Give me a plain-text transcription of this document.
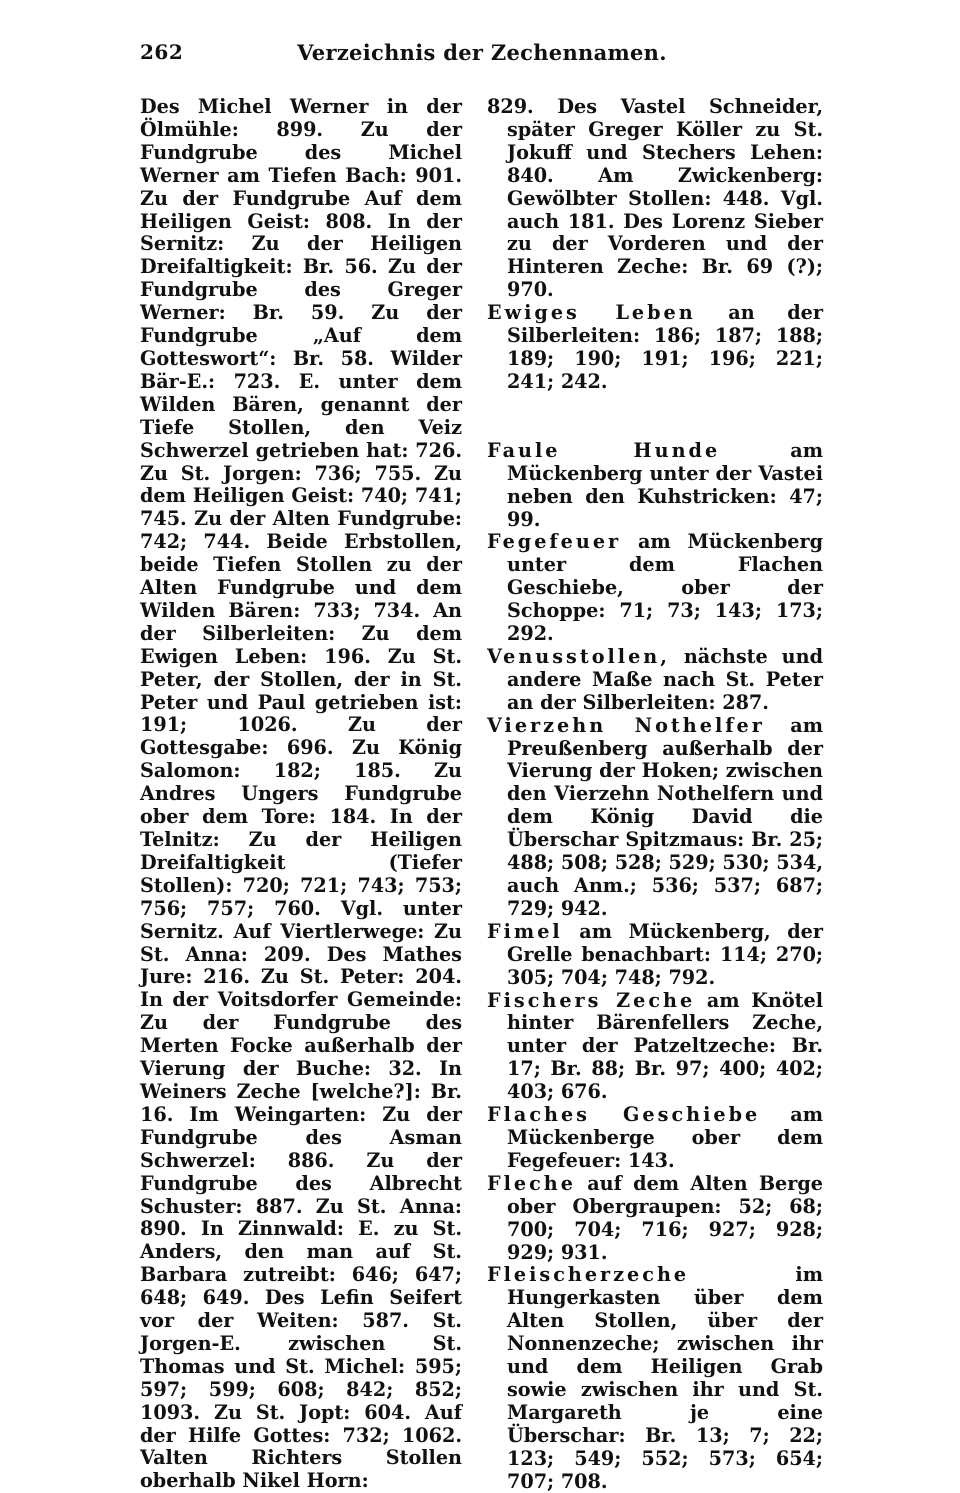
262	Verzeichnis der Zechennamen.

Des Michel Werner in der Ölmühle: 899. Zu der Fundgrube des Michel Werner am Tiefen Bach: 901. Zu der Fundgrube Auf dem Heiligen Geist: 808. In der Sernitz: Zu der Heiligen Dreifaltigkeit: Br. 56. Zu der Fundgrube des Greger Werner: Br. 59. Zu der Fundgrube „Auf dem Gotteswort“: Br. 58. Wilder Bär-E.: 723. E. unter dem Wilden Bären, genannt der Tiefe Stollen, den Veiz Schwerzel getrieben hat: 726. Zu St. Jorgen: 736; 755. Zu dem Heiligen Geist: 740; 741; 745. Zu der Alten Fundgrube: 742; 744. Beide Erbstollen, beide Tiefen Stollen zu der Alten Fundgrube und dem Wilden Bären: 733; 734. An der Silberleiten: Zu dem Ewigen Leben: 196. Zu St. Peter, der Stollen, der in St. Peter und Paul getrieben ist: 191; 1026. Zu der Gottesgabe: 696. Zu König Salomon: 182; 185. Zu Andres Ungers Fundgrube ober dem Tore: 184. In der Telnitz: Zu der Heiligen Dreifaltigkeit (Tiefer Stollen): 720; 721; 743; 753; 756; 757; 760. Vgl. unter Sernitz. Auf Viertlerwege: Zu St. Anna: 209. Des Mathes Jure: 216. Zu St. Peter: 204. In der Voitsdorfer Gemeinde: Zu der Fundgrube des Merten Focke außerhalb der Vierung der Buche: 32. In Weiners Zeche [welche?]: Br. 16. Im Weingarten: Zu der Fundgrube des Asman Schwerzel: 886. Zu der Fundgrube des Albrecht Schuster: 887. Zu St. Anna: 890. In Zinnwald: E. zu St. Anders, den man auf St. Barbara zutreibt: 646; 647; 648; 649. Des Lefin Seifert vor der Weiten: 587. St. Jorgen-E. zwischen St. Thomas und St. Michel: 595; 597; 599; 608; 842; 852; 1093. Zu St. Jopt: 604. Auf der Hilfe Gottes: 732; 1062. Valten Richters Stollen oberhalb Nikel Horn:

829. Des Vastel Schneider, später Greger Köller zu St. Jokuff und Stechers Lehen: 840. Am Zwickenberg: Gewölbter Stollen: 448. Vgl. auch 181. Des Lorenz Sieber zu der Vorderen und der Hinteren Zeche: Br. 69 (?); 970.

Ewiges Leben an der Silberleiten: 186; 187; 188; 189; 190; 191; 196; 221; 241; 242.

Faule Hunde am Mückenberg unter der Vastei neben den Kuhstricken: 47; 99.

Fegefeuer am Mückenberg unter dem Flachen Geschiebe, ober der Schoppe: 71; 73; 143; 173; 292.

Venusstollen, nächste und andere Maße nach St. Peter an der Silberleiten: 287.

Vierzehn Nothelfer am Preußenberg außerhalb der Vierung der Hoken; zwischen den Vierzehn Nothelfern und dem König David die Überschar Spitzmaus: Br. 25; 488; 508; 528; 529; 530; 534, auch Anm.; 536; 537; 687; 729; 942.

Fimel am Mückenberg, der Grelle benachbart: 114; 270; 305; 704; 748; 792.

Fischers Zeche am Knötel hinter Bärenfellers Zeche, unter der Patzeltzeche: Br. 17; Br. 88; Br. 97; 400; 402; 403; 676.

Flaches Geschiebe am Mückenberge ober dem Fegefeuer: 143.

Fleche auf dem Alten Berge ober Obergraupen: 52; 68; 700; 704; 716; 927; 928; 929; 931.

Fleischerzeche im Hungerkasten über dem Alten Stollen, über der Nonnenzeche; zwischen ihr und dem Heiligen Grab sowie zwischen ihr und St. Margareth je eine Überschar: Br. 13; 7; 22; 123; 549; 552; 573; 654; 707; 708.
